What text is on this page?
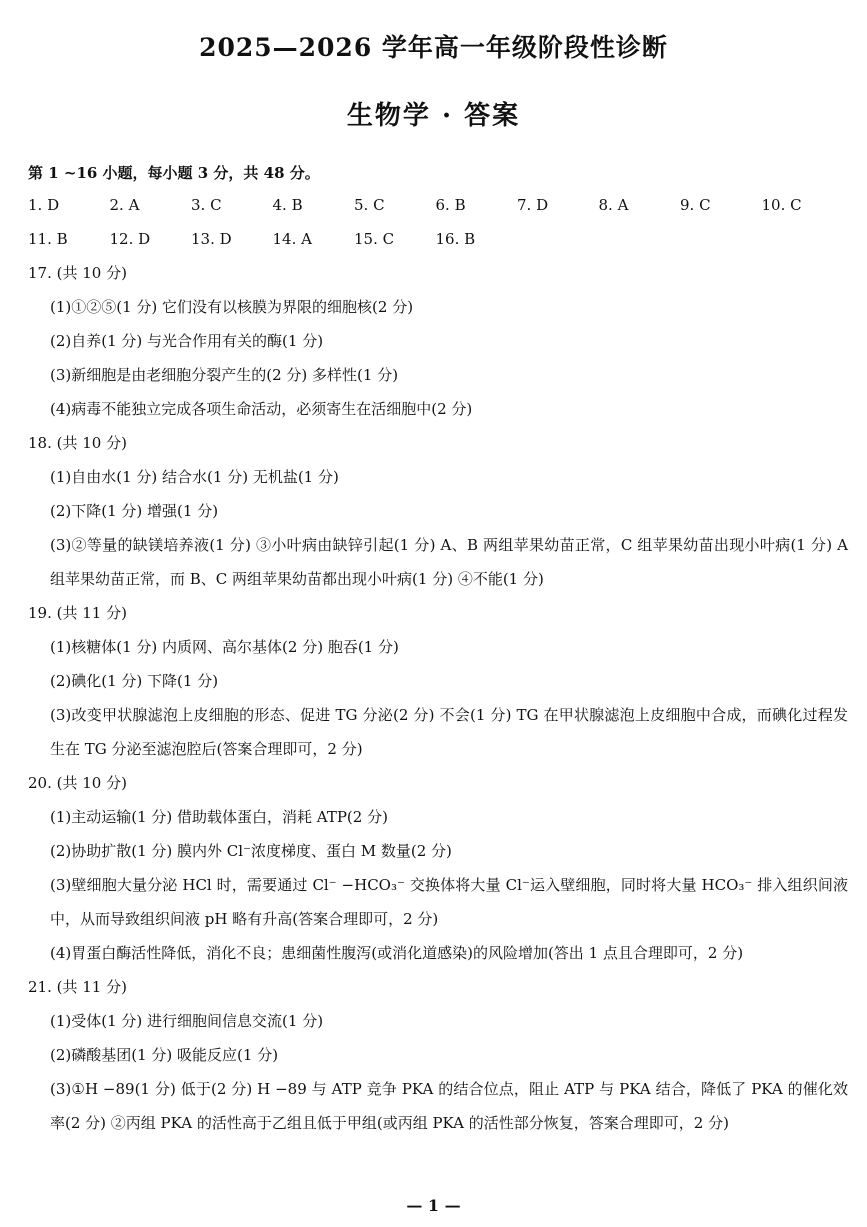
2025—2026 学年高一年级阶段性诊断
生物学 · 答案
第 1 ~16 小题，每小题 3 分，共 48 分。
1. D	2. A	3. C	4. B	5. C	6. B	7. D	8. A	9. C	10. C
11. B	12. D	13. D	14. A	15. C	16. B
17. (共 10 分)
(1)①②⑤(1 分) 它们没有以核膜为界限的细胞核(2 分)
(2)自养(1 分) 与光合作用有关的酶(1 分)
(3)新细胞是由老细胞分裂产生的(2 分) 多样性(1 分)
(4)病毒不能独立完成各项生命活动，必须寄生在活细胞中(2 分)
18. (共 10 分)
(1)自由水(1 分) 结合水(1 分) 无机盐(1 分)
(2)下降(1 分) 增强(1 分)
(3)②等量的缺镁培养液(1 分) ③小叶病由缺锌引起(1 分) A、B 两组苹果幼苗正常，C 组苹果幼苗出现小叶病(1 分) A 组苹果幼苗正常，而 B、C 两组苹果幼苗都出现小叶病(1 分) ④不能(1 分)
19. (共 11 分)
(1)核糖体(1 分) 内质网、高尔基体(2 分) 胞吞(1 分)
(2)碘化(1 分) 下降(1 分)
(3)改变甲状腺滤泡上皮细胞的形态、促进 TG 分泌(2 分) 不会(1 分) TG 在甲状腺滤泡上皮细胞中合成，而碘化过程发生在 TG 分泌至滤泡腔后(答案合理即可，2 分)
20. (共 10 分)
(1)主动运输(1 分) 借助载体蛋白，消耗 ATP(2 分)
(2)协助扩散(1 分) 膜内外 Cl⁻浓度梯度、蛋白 M 数量(2 分)
(3)壁细胞大量分泌 HCl 时，需要通过 Cl⁻ −HCO₃⁻ 交换体将大量 Cl⁻运入壁细胞，同时将大量 HCO₃⁻ 排入组织间液中，从而导致组织间液 pH 略有升高(答案合理即可，2 分)
(4)胃蛋白酶活性降低，消化不良；患细菌性腹泻(或消化道感染)的风险增加(答出 1 点且合理即可，2 分)
21. (共 11 分)
(1)受体(1 分) 进行细胞间信息交流(1 分)
(2)磷酸基团(1 分) 吸能反应(1 分)
(3)①H −89(1 分) 低于(2 分) H −89 与 ATP 竞争 PKA 的结合位点，阻止 ATP 与 PKA 结合，降低了 PKA 的催化效率(2 分) ②丙组 PKA 的活性高于乙组且低于甲组(或丙组 PKA 的活性部分恢复，答案合理即可，2 分)
— 1 —
